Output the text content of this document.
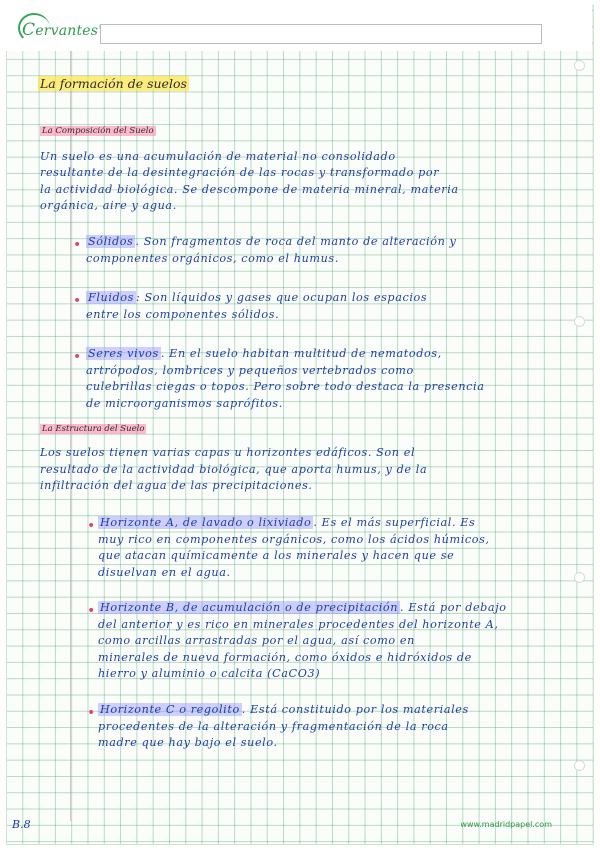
Cervantes
La formación de suelos
La Composición del Suelo
Un suelo es una acumulación de material no consolidado
resultante de la desintegración de las rocas y transformado por
la actividad biológica. Se descompone de materia mineral, materia
orgánica, aire y agua.
• Sólidos . Son fragmentos de roca del manto de alteración y
componentes orgánicos, como el humus.
• Fluidos : Son líquidos y gases que ocupan los espacios
entre los componentes sólidos.
• Seres vivos . En el suelo habitan multitud de nematodos,
artrópodos, lombrices y pequeños vertebrados como
culebrillas ciegas o topos. Pero sobre todo destaca la presencia
de microorganismos saprófitos.
La Estructura del Suelo
Los suelos tienen varias capas u horizontes edáficos. Son el
resultado de la actividad biológica, que aporta humus, y de la
infiltración del agua de las precipitaciones.
• Horizonte A, de lavado o lixiviado . Es el más superficial. Es
muy rico en componentes orgánicos, como los ácidos húmicos,
que atacan químicamente a los minerales y hacen que se
disuelvan en el agua.
• Horizonte B, de acumulación o de precipitación . Está por debajo
del anterior y es rico en minerales procedentes del horizonte A,
como arcillas arrastradas por el agua, así como en
minerales de nueva formación, como óxidos e hidróxidos de
hierro y aluminio o calcita (CaCO3)
• Horizonte C o regolito . Está constituido por los materiales
procedentes de la alteración y fragmentación de la roca
madre que hay bajo el suelo.
B.8	www.madridpapel.com
